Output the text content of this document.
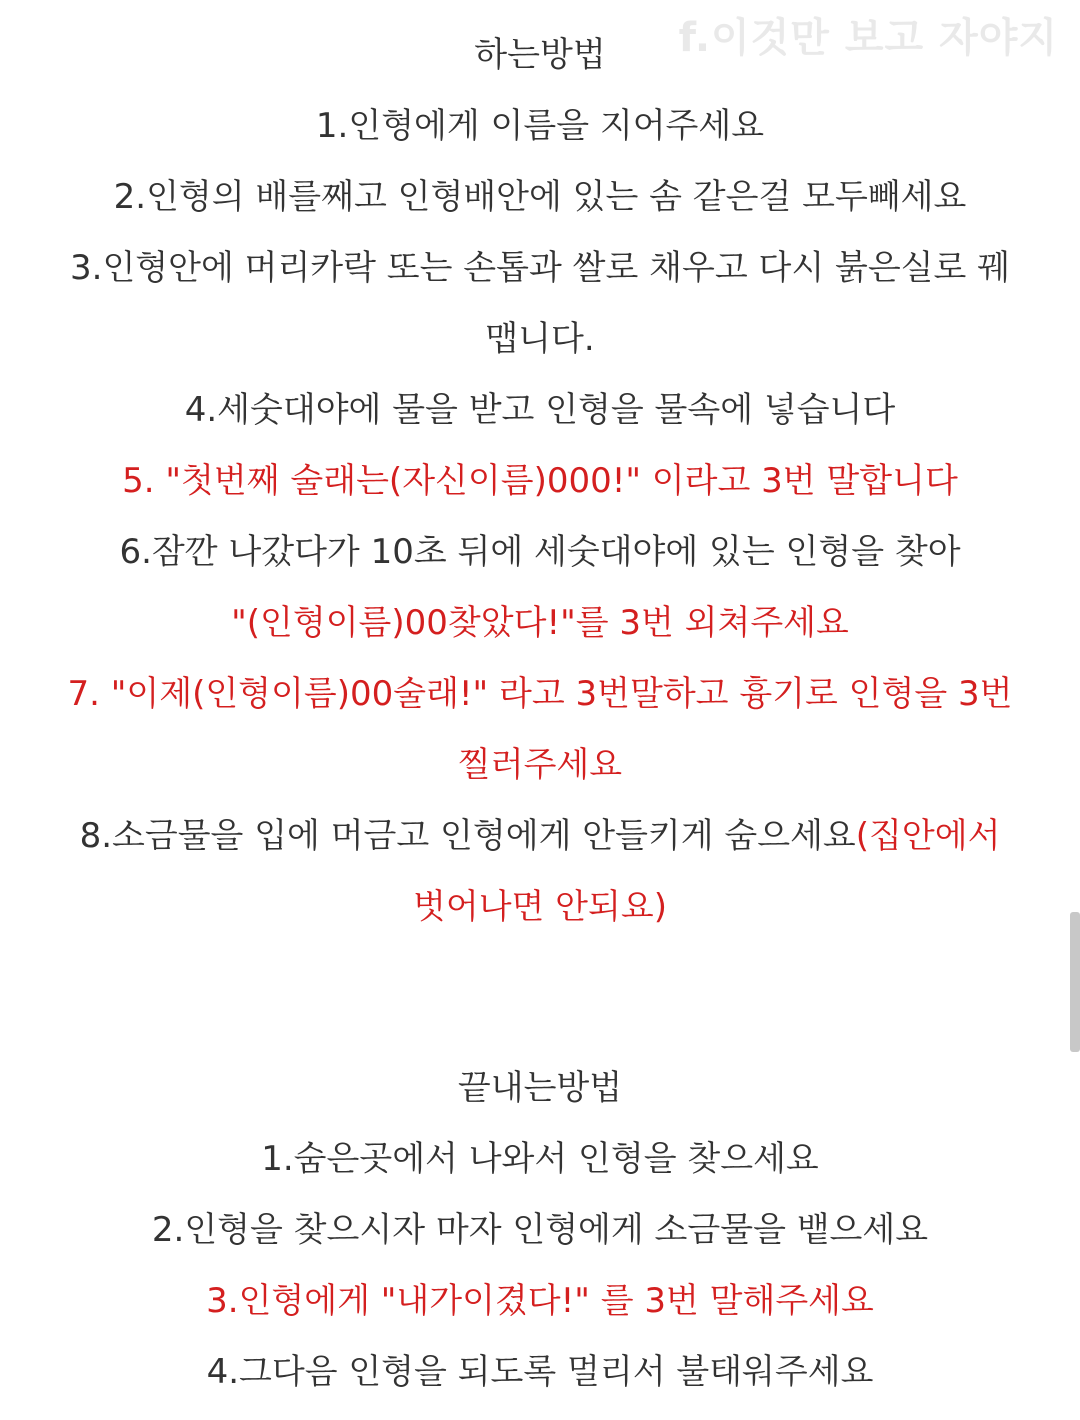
f.이것만 보고 자야지
하는방법
1.인형에게 이름을 지어주세요
2.인형의 배를째고 인형배안에 있는 솜 같은걸 모두빼세요
3.인형안에 머리카락 또는 손톱과 쌀로 채우고 다시 붉은실로 꿰
맵니다.
4.세숫대야에 물을 받고 인형을 물속에 넣습니다
5. "첫번째 술래는(자신이름)000!" 이라고 3번 말합니다
6.잠깐 나갔다가 10초 뒤에 세숫대야에 있는 인형을 찾아
"(인형이름)00찾았다!"를 3번 외쳐주세요
7. "이제(인형이름)00술래!" 라고 3번말하고 흉기로 인형을 3번
찔러주세요
8.소금물을 입에 머금고 인형에게 안들키게 숨으세요(집안에서
벗어나면 안되요)
끝내는방법
1.숨은곳에서 나와서 인형을 찾으세요
2.인형을 찾으시자 마자 인형에게 소금물을 뱉으세요
3.인형에게 "내가이겼다!" 를 3번 말해주세요
4.그다음 인형을 되도록 멀리서 불태워주세요
